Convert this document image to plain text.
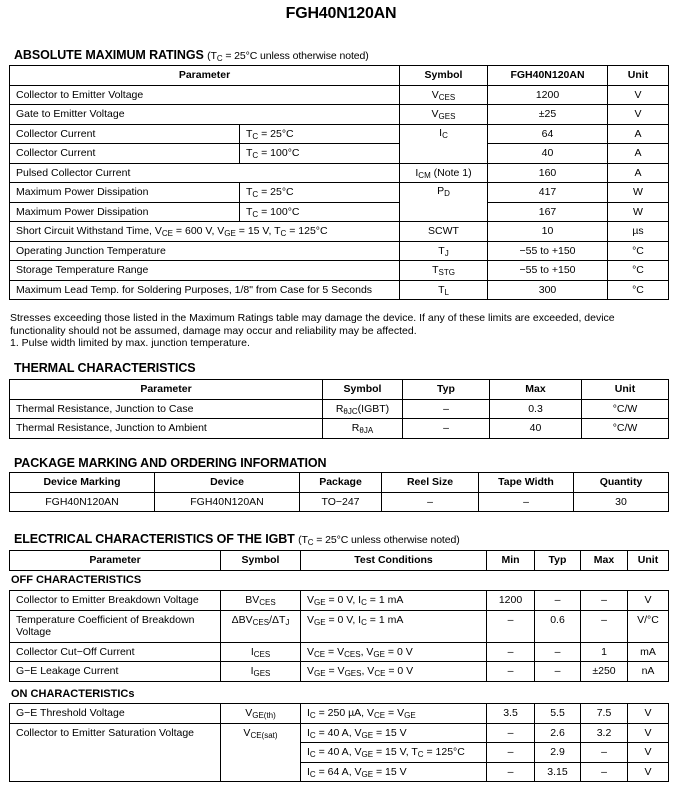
FGH40N120AN
ABSOLUTE MAXIMUM RATINGS ($T_C = 25^\circ C$ unless otherwise noted)
Parameter		Symbol	FGH40N120AN	Unit
Collector to Emitter Voltage		$V_{CES}$	1200	V
Gate to Emitter Voltage		$V_{GES}$	±25	V
Collector Current	$T_C = 25^\circ C$	$I_C$	64	A
Collector Current	$T_C = 100^\circ C$		40	A
Pulsed Collector Current		$I_{CM}$ (Note 1)	160	A
Maximum Power Dissipation	$T_C = 25^\circ C$	$P_D$	417	W
Maximum Power Dissipation	$T_C = 100^\circ C$		167	W
Short Circuit Withstand Time, $V_{CE} = 600$ V, $V_{GE} = 15$ V, $T_C = 125^\circ C$		SCWT	10	µs
Operating Junction Temperature		$T_J$	−55 to +150	°C
Storage Temperature Range		$T_{STG}$	−55 to +150	°C
Maximum Lead Temp. for Soldering Purposes, 1/8" from Case for 5 Seconds		$T_L$	300	°C
Stresses exceeding those listed in the Maximum Ratings table may damage the device. If any of these limits are exceeded, device functionality should not be assumed, damage may occur and reliability may be affected.
1. Pulse width limited by max. junction temperature.
THERMAL CHARACTERISTICS
Parameter	Symbol	Typ	Max	Unit
Thermal Resistance, Junction to Case	$R_{\theta JC}(IGBT)$	–	0.3	°C/W
Thermal Resistance, Junction to Ambient	$R_{\theta JA}$	–	40	°C/W
PACKAGE MARKING AND ORDERING INFORMATION
Device Marking	Device	Package	Reel Size	Tape Width	Quantity
FGH40N120AN	FGH40N120AN	TO−247	–	–	30
ELECTRICAL CHARACTERISTICS OF THE IGBT ($T_C = 25^\circ C$ unless otherwise noted)
Parameter	Symbol	Test Conditions	Min	Typ	Max	Unit
OFF CHARACTERISTICS
Collector to Emitter Breakdown Voltage	$BV_{CES}$	$V_{GE} = 0$ V, $I_C = 1$ mA	1200	–	–	V
Temperature Coefficient of Breakdown Voltage	$\Delta BV_{CES}/\Delta T_J$	$V_{GE} = 0$ V, $I_C = 1$ mA	–	0.6	–	V/°C
Collector Cut−Off Current	$I_{CES}$	$V_{CE} = V_{CES}$, $V_{GE} = 0$ V	–	–	1	mA
G−E Leakage Current	$I_{GES}$	$V_{GE} = V_{GES}$, $V_{CE} = 0$ V	–	–	±250	nA
ON CHARACTERISTICs
G−E Threshold Voltage	$V_{GE(th)}$	$I_C = 250$ µA, $V_{CE} = V_{GE}$	3.5	5.5	7.5	V
Collector to Emitter Saturation Voltage	$V_{CE(sat)}$	$I_C = 40$ A, $V_{GE} = 15$ V	–	2.6	3.2	V
		$I_C = 40$ A, $V_{GE} = 15$ V, $T_C = 125^\circ C$	–	2.9	–	V
		$I_C = 64$ A, $V_{GE} = 15$ V	–	3.15	–	V
